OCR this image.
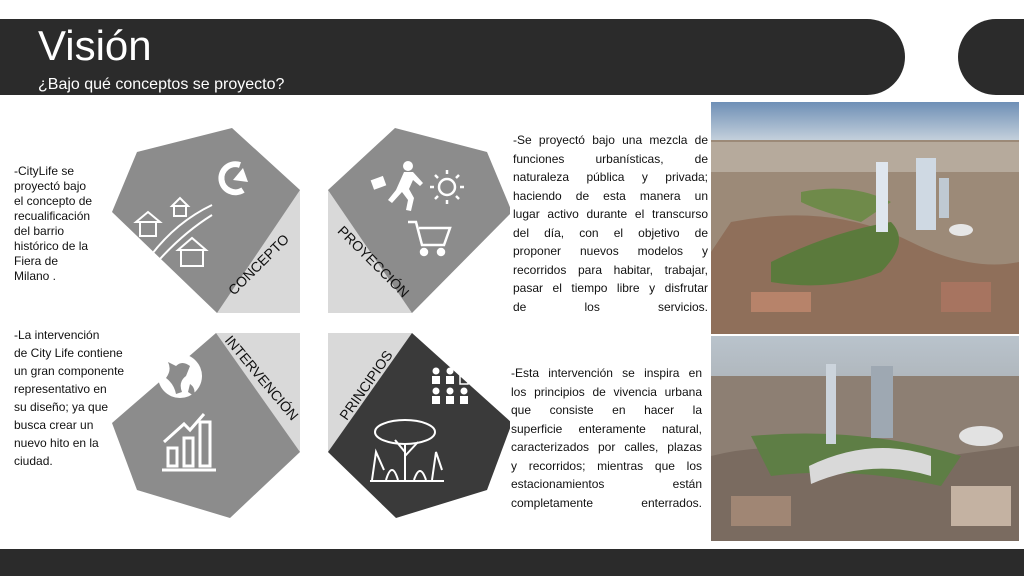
Visión
¿Bajo qué conceptos se proyecto?
-CityLife se
proyectó bajo
el concepto de
recualificación
del barrio
histórico de la
Fiera de
Milano .
-La intervención
de City Life contiene
un gran componente
representativo en
su diseño; ya que
busca crear un
nuevo hito en la
ciudad.
-Se proyectó bajo una mezcla de
funciones urbanísticas, de
naturaleza pública y privada;
haciendo de esta manera un
lugar activo durante el transcurso
del día, con el objetivo de
proponer nuevos modelos y
recorridos para habitar, trabajar,
pasar el tiempo libre y disfrutar
de los servicios.
-Esta intervención se inspira en
los principios de vivencia urbana
que consiste en hacer la
superficie enteramente natural,
caracterizados por calles, plazas
y recorridos; mientras que los
estacionamientos están
completamente enterrados.
CONCEPTO	PROYECCIÓN
INTERVENCIÓN PRINCIPIOS
